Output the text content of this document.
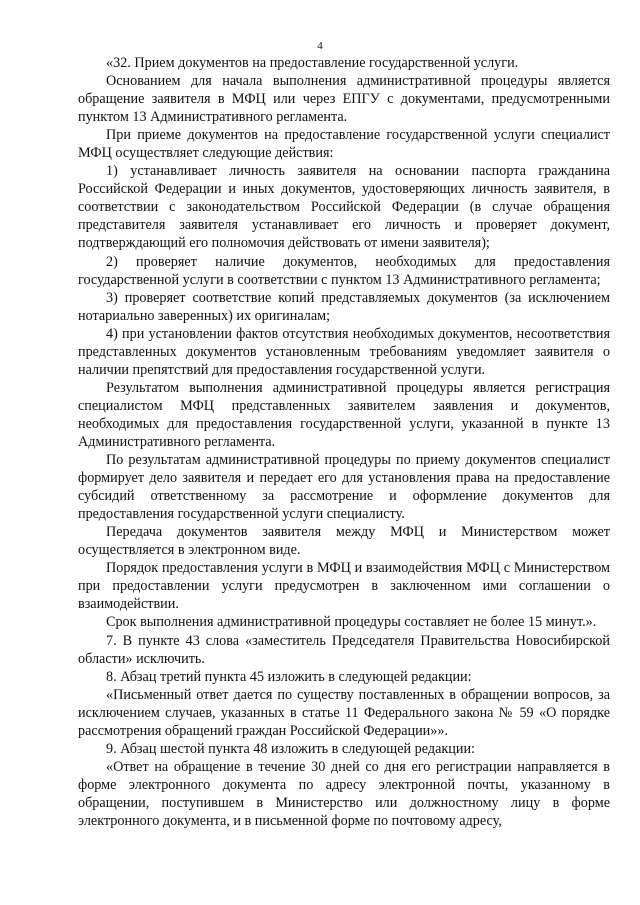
4

«32. Прием документов на предоставление государственной услуги.

Основанием для начала выполнения административной процедуры является обращение заявителя в МФЦ или через ЕПГУ с документами, предусмотренными пунктом 13 Административного регламента.

При приеме документов на предоставление государственной услуги специалист МФЦ осуществляет следующие действия:

1) устанавливает личность заявителя на основании паспорта гражданина Российской Федерации и иных документов, удостоверяющих личность заявителя, в соответствии с законодательством Российской Федерации (в случае обращения представителя заявителя устанавливает его личность и проверяет документ, подтверждающий его полномочия действовать от имени заявителя);

2) проверяет наличие документов, необходимых для предоставления государственной услуги в соответствии с пунктом 13 Административного регламента;

3) проверяет соответствие копий представляемых документов (за исключением нотариально заверенных) их оригиналам;

4) при установлении фактов отсутствия необходимых документов, несоответствия представленных документов установленным требованиям уведомляет заявителя о наличии препятствий для предоставления государственной услуги.

Результатом выполнения административной процедуры является регистрация специалистом МФЦ представленных заявителем заявления и документов, необходимых для предоставления государственной услуги, указанной в пункте 13 Административного регламента.

По результатам административной процедуры по приему документов специалист формирует дело заявителя и передает его для установления права на предоставление субсидий ответственному за рассмотрение и оформление документов для предоставления государственной услуги специалисту.

Передача документов заявителя между МФЦ и Министерством может осуществляется в электронном виде.

Порядок предоставления услуги в МФЦ и взаимодействия МФЦ с Министерством при предоставлении услуги предусмотрен в заключенном ими соглашении о взаимодействии.

Срок выполнения административной процедуры составляет не более 15 минут.».

7. В пункте 43 слова «заместитель Председателя Правительства Новосибирской области» исключить.

8. Абзац третий пункта 45 изложить в следующей редакции:

«Письменный ответ дается по существу поставленных в обращении вопросов, за исключением случаев, указанных в статье 11 Федерального закона № 59 «О порядке рассмотрения обращений граждан Российской Федерации»».

9. Абзац шестой пункта 48 изложить в следующей редакции:

«Ответ на обращение в течение 30 дней со дня его регистрации направляется в форме электронного документа по адресу электронной почты, указанному в обращении, поступившем в Министерство или должностному лицу в форме электронного документа, и в письменной форме по почтовому адресу,
